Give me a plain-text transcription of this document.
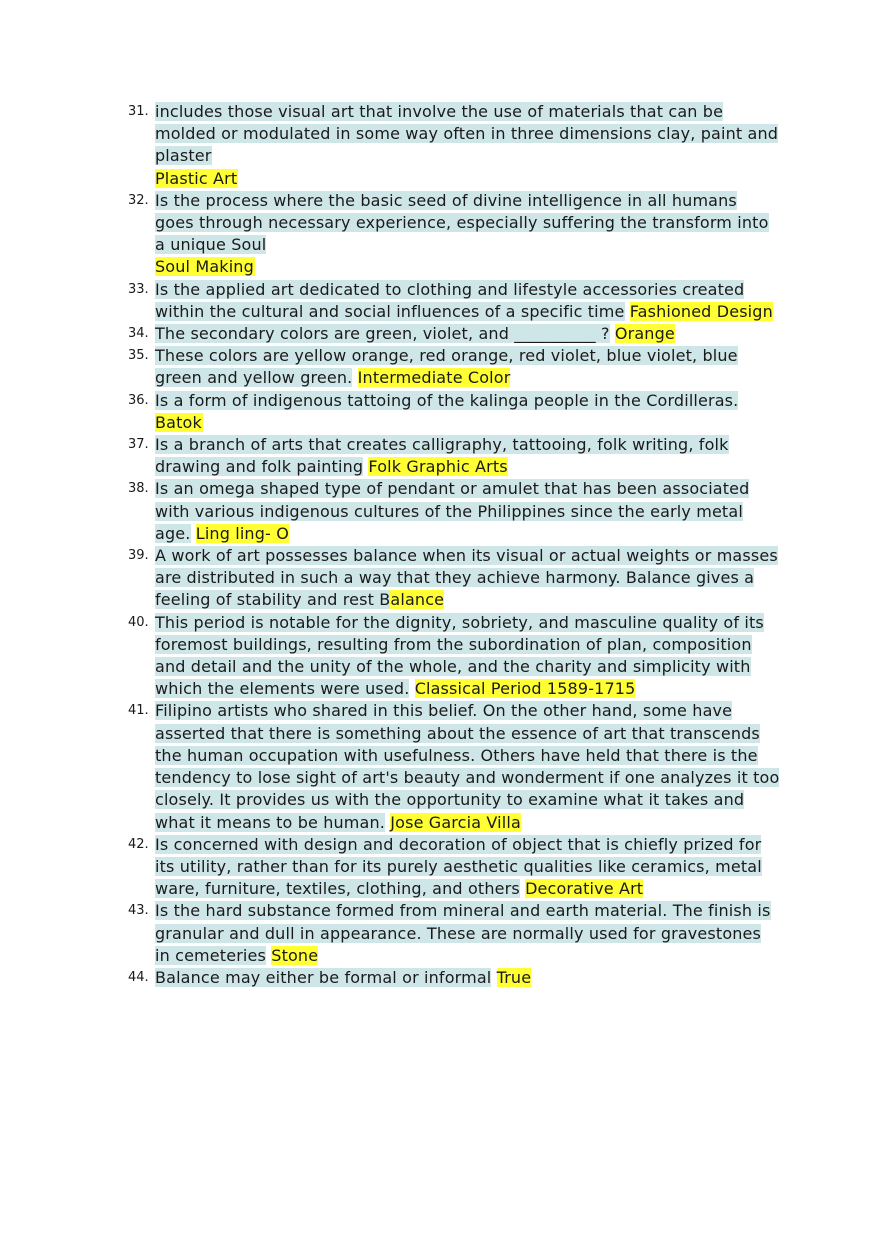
31. includes those visual art that involve the use of materials that can be molded or modulated in some way often in three dimensions clay, paint and plaster
Plastic Art
32. Is the process where the basic seed of divine intelligence in all humans goes through necessary experience, especially suffering the transform into a unique Soul
Soul Making
33. Is the applied art dedicated to clothing and lifestyle accessories created within the cultural and social influences of a specific time Fashioned Design
34. The secondary colors are green, violet, and __________ ? Orange
35. These colors are yellow orange, red orange, red violet, blue violet, blue green and yellow green. Intermediate Color
36. Is a form of indigenous tattoing of the kalinga people in the Cordilleras.
Batok
37. Is a branch of arts that creates calligraphy, tattooing, folk writing, folk drawing and folk painting Folk Graphic Arts
38. Is an omega shaped type of pendant or amulet that has been associated with various indigenous cultures of the Philippines since the early metal age. Ling ling- O
39. A work of art possesses balance when its visual or actual weights or masses are distributed in such a way that they achieve harmony. Balance gives a feeling of stability and rest Balance
40. This period is notable for the dignity, sobriety, and masculine quality of its foremost buildings, resulting from the subordination of plan, composition and detail and the unity of the whole, and the charity and simplicity with which the elements were used. Classical Period 1589-1715
41. Filipino artists who shared in this belief. On the other hand, some have asserted that there is something about the essence of art that transcends the human occupation with usefulness. Others have held that there is the tendency to lose sight of art's beauty and wonderment if one analyzes it too closely. It provides us with the opportunity to examine what it takes and what it means to be human. Jose Garcia Villa
42. Is concerned with design and decoration of object that is chiefly prized for its utility, rather than for its purely aesthetic qualities like ceramics, metal ware, furniture, textiles, clothing, and others Decorative Art
43. Is the hard substance formed from mineral and earth material. The finish is granular and dull in appearance. These are normally used for gravestones in cemeteries Stone
44. Balance may either be formal or informal True
